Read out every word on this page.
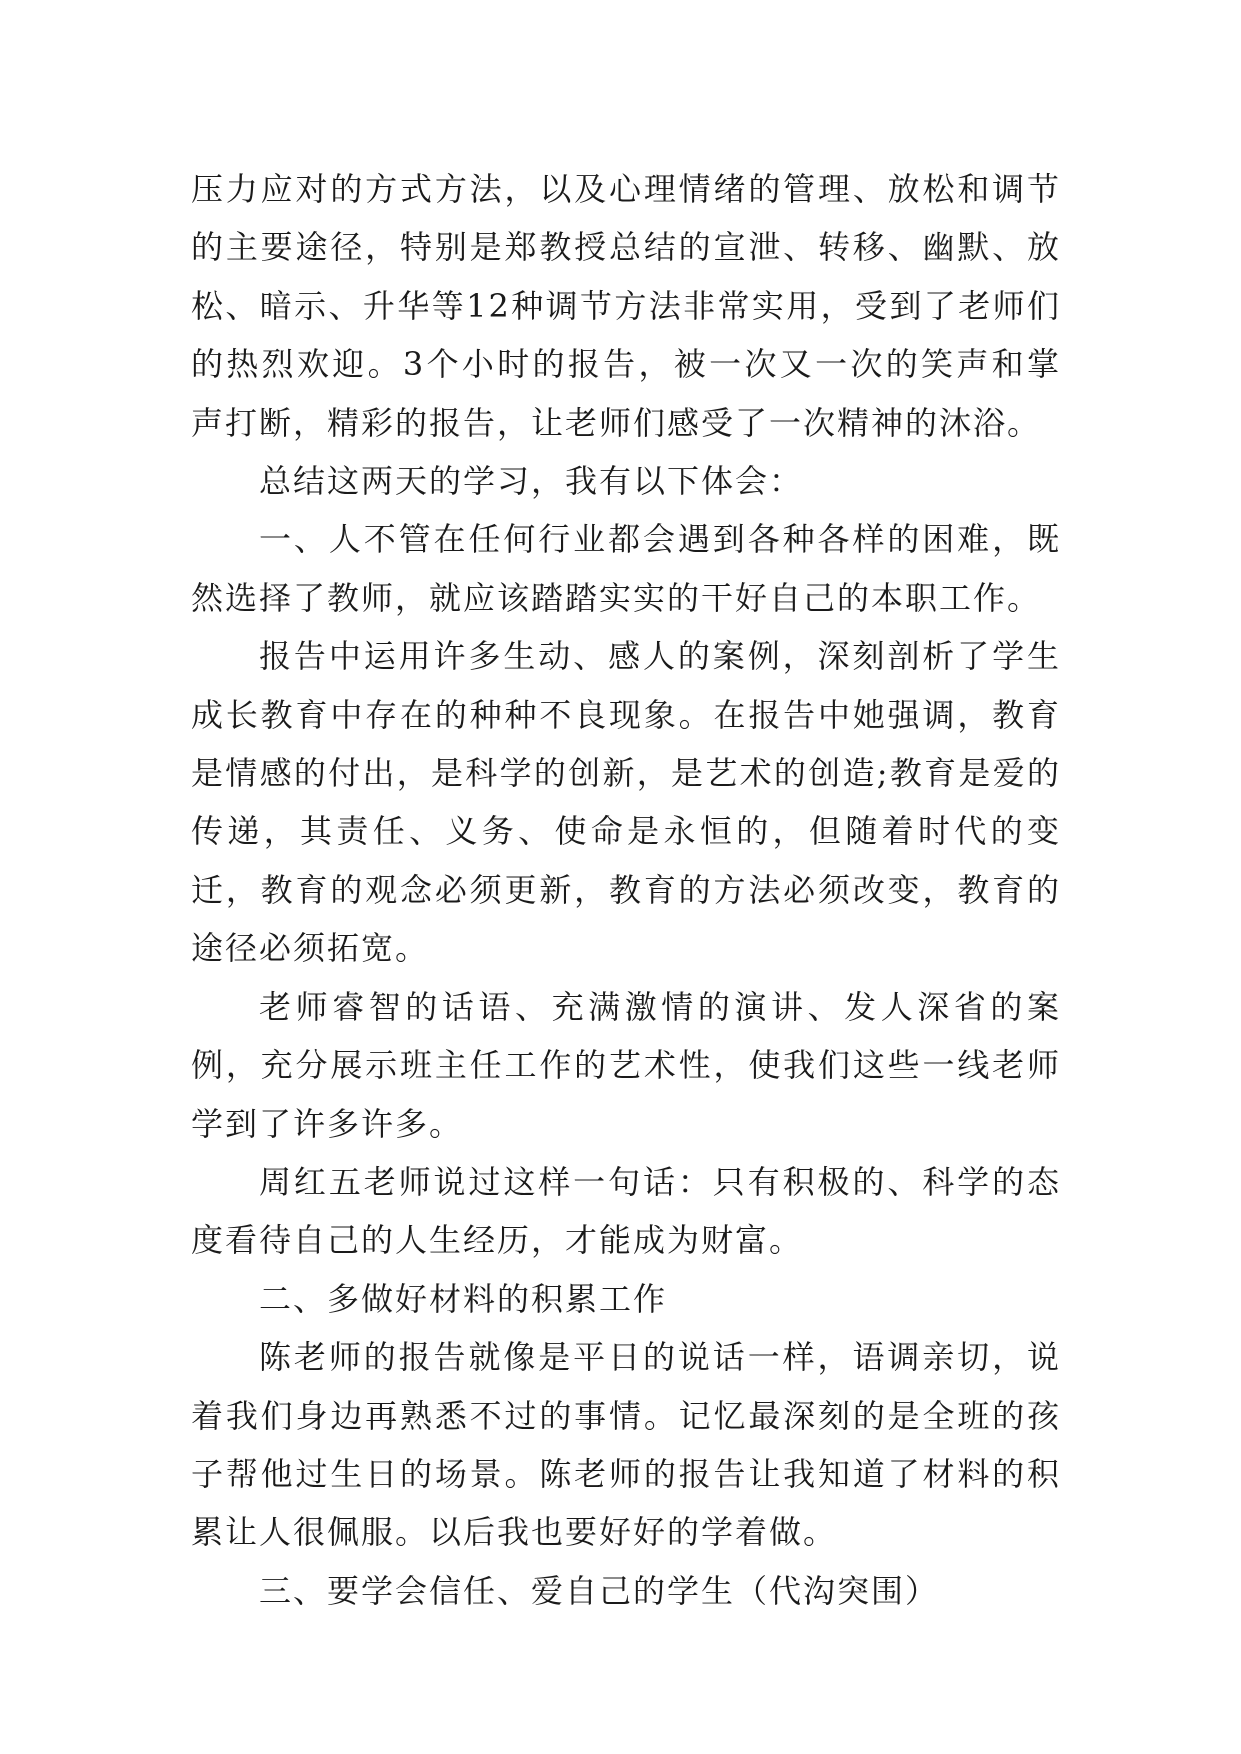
压力应对的方式方法，以及心理情绪的管理、放松和调节的主要途径，特别是郑教授总结的宣泄、转移、幽默、放松、暗示、升华等12种调节方法非常实用，受到了老师们的热烈欢迎。3个小时的报告，被一次又一次的笑声和掌声打断，精彩的报告，让老师们感受了一次精神的沐浴。

总结这两天的学习，我有以下体会：

一、人不管在任何行业都会遇到各种各样的困难，既然选择了教师，就应该踏踏实实的干好自己的本职工作。

报告中运用许多生动、感人的案例，深刻剖析了学生成长教育中存在的种种不良现象。在报告中她强调，教育是情感的付出，是科学的创新，是艺术的创造;教育是爱的传递，其责任、义务、使命是永恒的，但随着时代的变迁，教育的观念必须更新，教育的方法必须改变，教育的途径必须拓宽。

老师睿智的话语、充满激情的演讲、发人深省的案例，充分展示班主任工作的艺术性，使我们这些一线老师学到了许多许多。

周红五老师说过这样一句话：只有积极的、科学的态度看待自己的人生经历，才能成为财富。

二、多做好材料的积累工作

陈老师的报告就像是平日的说话一样，语调亲切，说着我们身边再熟悉不过的事情。记忆最深刻的是全班的孩子帮他过生日的场景。陈老师的报告让我知道了材料的积累让人很佩服。以后我也要好好的学着做。

三、要学会信任、爱自己的学生（代沟突围）
